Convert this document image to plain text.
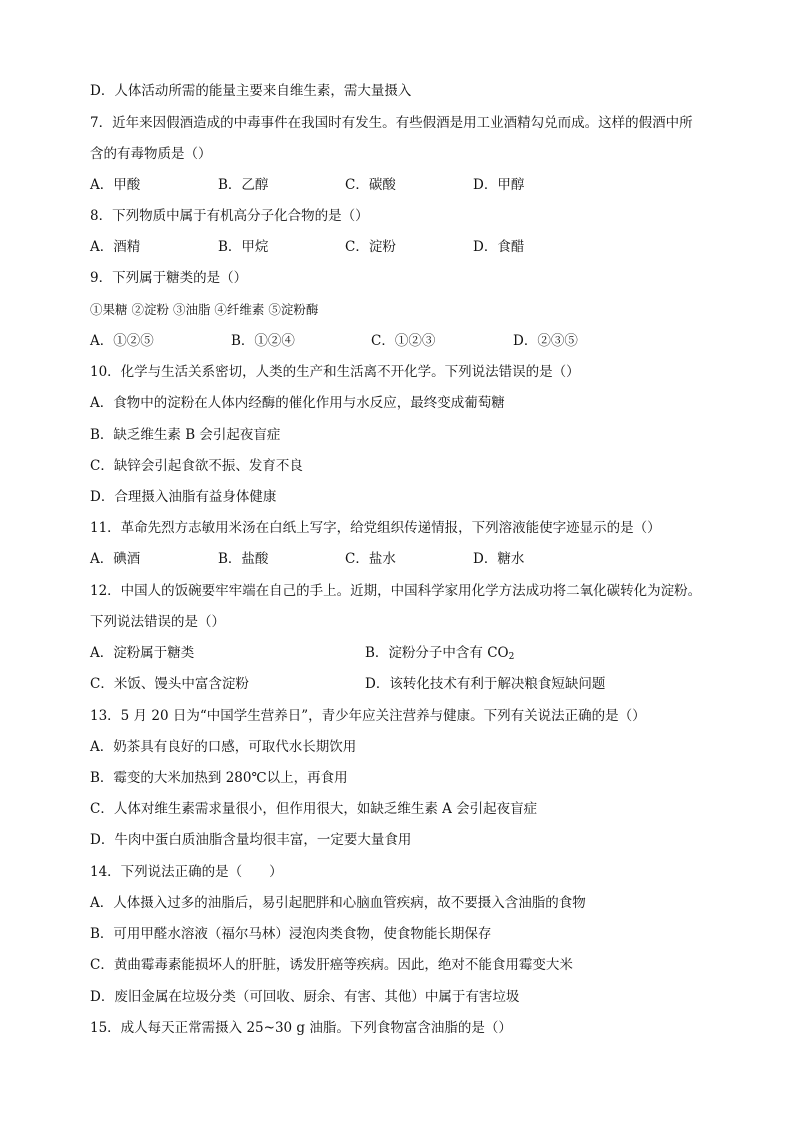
D．人体活动所需的能量主要来自维生素，需大量摄入
7．近年来因假酒造成的中毒事件在我国时有发生。有些假酒是用工业酒精勾兑而成。这样的假酒中所
含的有毒物质是（）
A．甲酸	B．乙醇	C．碳酸	D．甲醇
8．下列物质中属于有机高分子化合物的是（）
A．酒精	B．甲烷	C．淀粉	D．食醋
9．下列属于糖类的是（）
①果糖 ②淀粉 ③油脂 ④纤维素 ⑤淀粉酶
A．①②⑤	B．①②④	C．①②③	D．②③⑤
10．化学与生活关系密切，人类的生产和生活离不开化学。下列说法错误的是（）
A．食物中的淀粉在人体内经酶的催化作用与水反应，最终变成葡萄糖
B．缺乏维生素 B 会引起夜盲症
C．缺锌会引起食欲不振、发育不良
D．合理摄入油脂有益身体健康
11．革命先烈方志敏用米汤在白纸上写字，给党组织传递情报，下列溶液能使字迹显示的是（）
A．碘酒	B．盐酸	C．盐水	D．糖水
12．中国人的饭碗要牢牢端在自己的手上。近期，中国科学家用化学方法成功将二氧化碳转化为淀粉。
下列说法错误的是（）
A．淀粉属于糖类	B．淀粉分子中含有 $CO_2$
C．米饭、馒头中富含淀粉	D．该转化技术有利于解决粮食短缺问题
13．5 月 20 日为“中国学生营养日”，青少年应关注营养与健康。下列有关说法正确的是（）
A．奶茶具有良好的口感，可取代水长期饮用
B．霉变的大米加热到 280℃以上，再食用
C．人体对维生素需求量很小，但作用很大，如缺乏维生素 A 会引起夜盲症
D．牛肉中蛋白质油脂含量均很丰富，一定要大量食用
14．下列说法正确的是（　　）
A．人体摄入过多的油脂后，易引起肥胖和心脑血管疾病，故不要摄入含油脂的食物
B．可用甲醛水溶液（福尔马林）浸泡肉类食物，使食物能长期保存
C．黄曲霉毒素能损坏人的肝脏，诱发肝癌等疾病。因此，绝对不能食用霉变大米
D．废旧金属在垃圾分类（可回收、厨余、有害、其他）中属于有害垃圾
15．成人每天正常需摄入 25~30 g 油脂。下列食物富含油脂的是（）
